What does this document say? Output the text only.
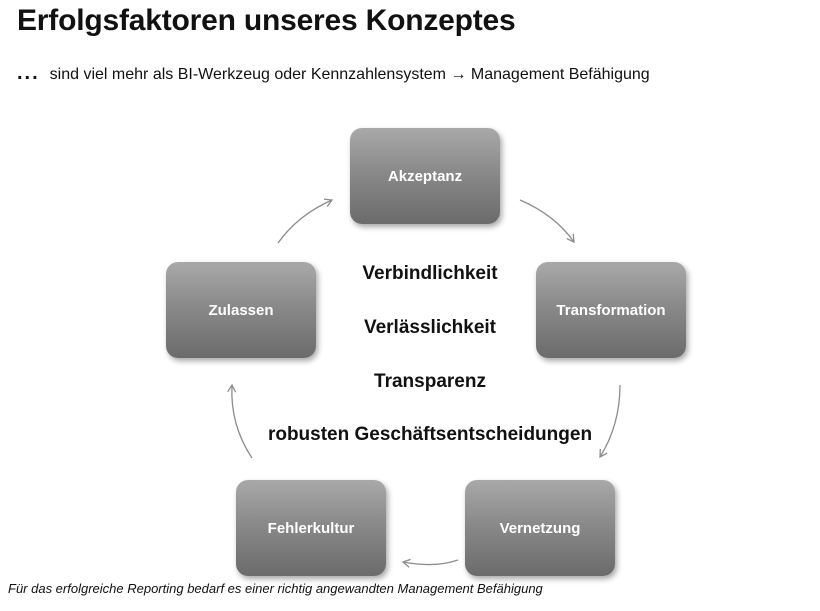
Erfolgsfaktoren unseres Konzeptes
... sind viel mehr als BI-Werkzeug oder Kennzahlensystem → Management Befähigung
Akzeptanz
Transformation
Vernetzung
Fehlerkultur
Zulassen
Verbindlichkeit
Verlässlichkeit
Transparenz
robusten Geschäftsentscheidungen
Für das erfolgreiche Reporting bedarf es einer richtig angewandten Management Befähigung
